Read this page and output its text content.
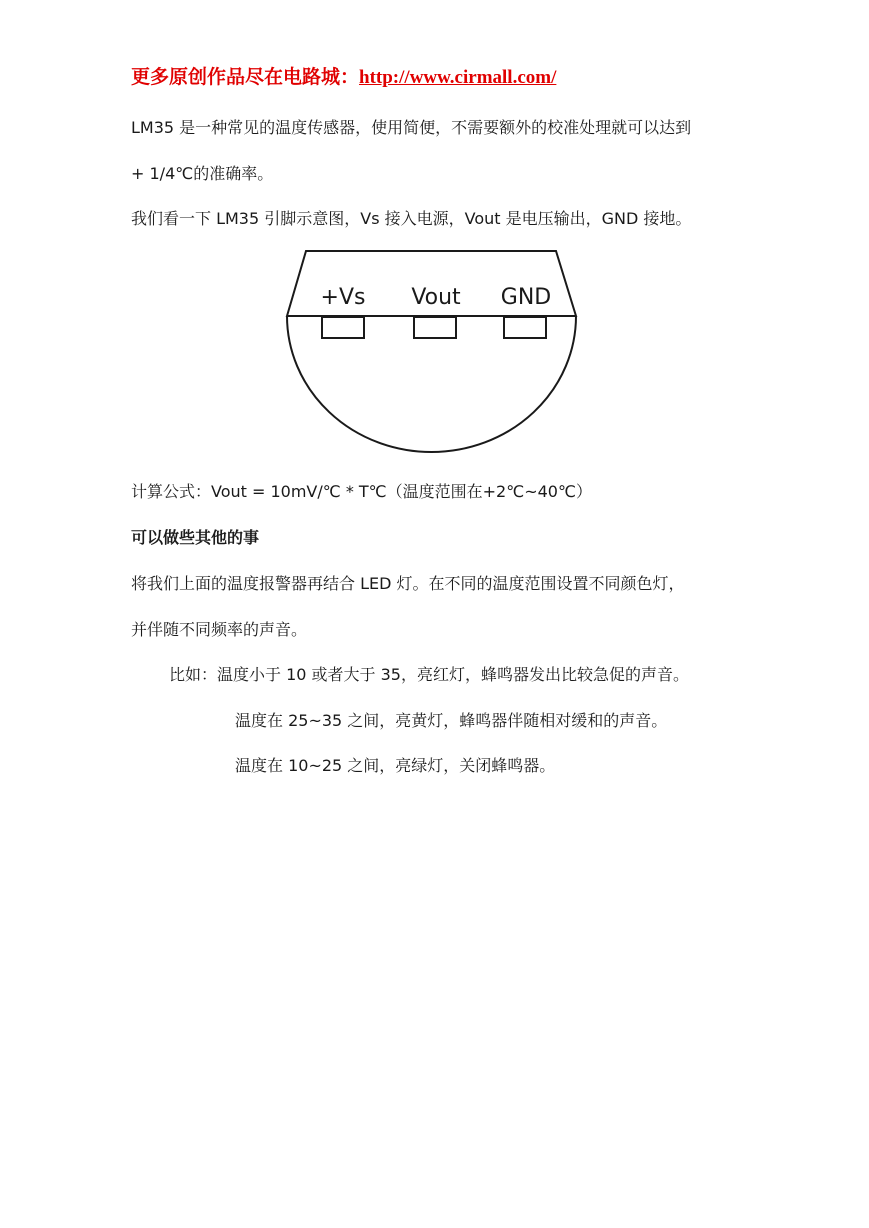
更多原创作品尽在电路城：http://www.cirmall.com/
LM35 是一种常见的温度传感器，使用简便，不需要额外的校准处理就可以达到
+ 1/4℃的准确率。
我们看一下 LM35 引脚示意图，Vs 接入电源，Vout 是电压输出，GND 接地。
+Vs Vout GND
计算公式：Vout = 10mV/℃ * T℃（温度范围在+2℃~40℃）
可以做些其他的事
将我们上面的温度报警器再结合 LED 灯。在不同的温度范围设置不同颜色灯，
并伴随不同频率的声音。
比如：温度小于 10 或者大于 35，亮红灯，蜂鸣器发出比较急促的声音。
温度在 25~35 之间，亮黄灯，蜂鸣器伴随相对缓和的声音。
温度在 10~25 之间，亮绿灯，关闭蜂鸣器。
